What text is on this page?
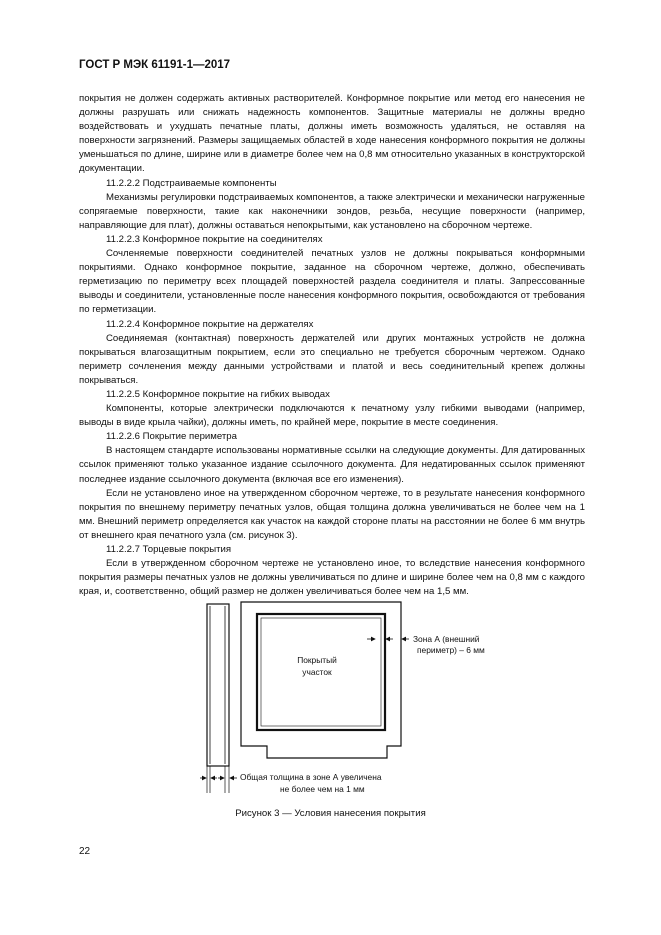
ГОСТ Р МЭК 61191-1—2017

покрытия не должен содержать активных растворителей. Конформное покрытие или метод его нанесения не должны разрушать или снижать надежность компонентов. Защитные материалы не должны вредно воздействовать и ухудшать печатные платы, должны иметь возможность удаляться, не оставляя на поверхности загрязнений. Размеры защищаемых областей в ходе нанесения конформного покрытия не должны уменьшаться по длине, ширине или в диаметре более чем на 0,8 мм относительно указанных в конструкторской документации.

11.2.2.2 Подстраиваемые компоненты

Механизмы регулировки подстраиваемых компонентов, а также электрически и механически нагруженные сопрягаемые поверхности, такие как наконечники зондов, резьба, несущие поверхности (например, направляющие для плат), должны оставаться непокрытыми, как установлено на сборочном чертеже.

11.2.2.3 Конформное покрытие на соединителях

Сочленяемые поверхности соединителей печатных узлов не должны покрываться конформными покрытиями. Однако конформное покрытие, заданное на сборочном чертеже, должно, обеспечивать герметизацию по периметру всех площадей поверхностей раздела соединителя и платы. Запрессованные выводы и соединители, установленные после нанесения конформного покрытия, освобождаются от требования по герметизации.

11.2.2.4 Конформное покрытие на держателях

Соединяемая (контактная) поверхность держателей или других монтажных устройств не должна покрываться влагозащитным покрытием, если это специально не требуется сборочным чертежом. Однако периметр сочленения между данными устройствами и платой и весь соединительный крепеж должны покрываться.

11.2.2.5 Конформное покрытие на гибких выводах

Компоненты, которые электрически подключаются к печатному узлу гибкими выводами (например, выводы в виде крыла чайки), должны иметь, по крайней мере, покрытие в месте соединения.

11.2.2.6 Покрытие периметра

В настоящем стандарте использованы нормативные ссылки на следующие документы. Для датированных ссылок применяют только указанное издание ссылочного документа. Для недатированных ссылок применяют последнее издание ссылочного документа (включая все его изменения).

Если не установлено иное на утвержденном сборочном чертеже, то в результате нанесения конформного покрытия по внешнему периметру печатных узлов, общая толщина должна увеличиваться не более чем на 1 мм. Внешний периметр определяется как участок на каждой стороне платы на расстоянии не более 6 мм внутрь от внешнего края печатного узла (см. рисунок 3).

11.2.2.7 Торцевые покрытия

Если в утвержденном сборочном чертеже не установлено иное, то вследствие нанесения конформного покрытия размеры печатных узлов не должны увеличиваться по длине и ширине более чем на 0,8 мм с каждого края, и, соответственно, общий размер не должен увеличиваться более чем на 1,5 мм.

Зона А (внешний
периметр) – 6 мм
Покрытый
участок
Общая толщина в зоне А увеличена
не более чем на 1 мм
Рисунок 3 — Условия нанесения покрытия
22
